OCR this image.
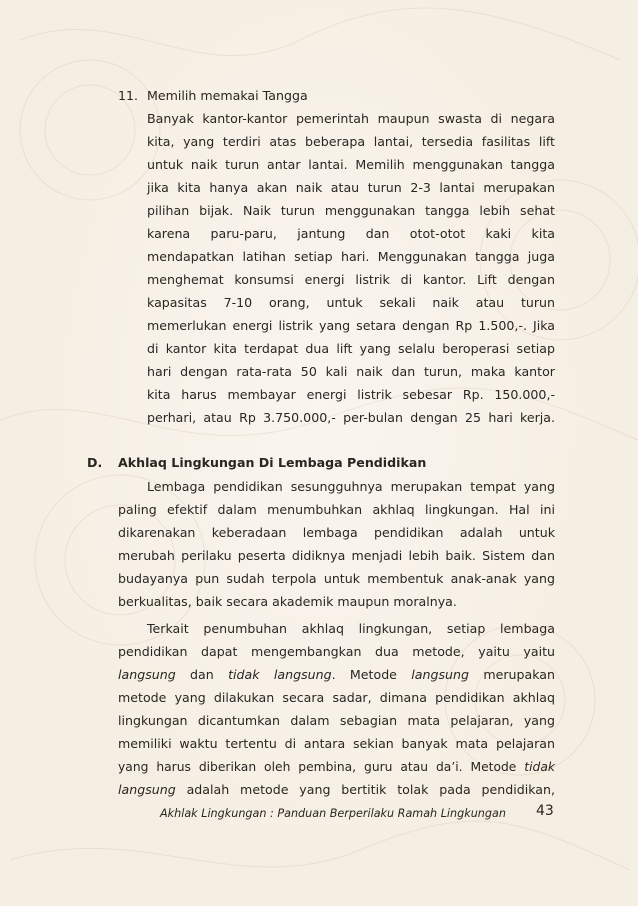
11. Memilih memakai Tangga
Banyak kantor-kantor pemerintah maupun swasta di negara
kita, yang terdiri atas beberapa lantai, tersedia fasilitas lift
untuk naik turun antar lantai. Memilih menggunakan tangga
jika kita hanya akan naik atau turun 2-3 lantai merupakan
pilihan bijak. Naik turun menggunakan tangga lebih sehat
karena paru-paru, jantung dan otot-otot kaki kita
mendapatkan latihan setiap hari. Menggunakan tangga juga
menghemat konsumsi energi listrik di kantor. Lift dengan
kapasitas 7-10 orang, untuk sekali naik atau turun
memerlukan energi listrik yang setara dengan Rp 1.500,-. Jika
di kantor kita terdapat dua lift yang selalu beroperasi setiap
hari dengan rata-rata 50 kali naik dan turun, maka kantor
kita harus membayar energi listrik sebesar Rp. 150.000,-
perhari, atau Rp 3.750.000,- per-bulan dengan 25 hari kerja.
D. Akhlaq Lingkungan Di Lembaga Pendidikan
Lembaga pendidikan sesungguhnya merupakan tempat yang
paling efektif dalam menumbuhkan akhlaq lingkungan. Hal ini
dikarenakan keberadaan lembaga pendidikan adalah untuk
merubah perilaku peserta didiknya menjadi lebih baik. Sistem dan
budayanya pun sudah terpola untuk membentuk anak-anak yang
berkualitas, baik secara akademik maupun moralnya.
Terkait penumbuhan akhlaq lingkungan, setiap lembaga
pendidikan dapat mengembangkan dua metode, yaitu yaitu
langsung dan tidak langsung. Metode langsung merupakan
metode yang dilakukan secara sadar, dimana pendidikan akhlaq
lingkungan dicantumkan dalam sebagian mata pelajaran, yang
memiliki waktu tertentu di antara sekian banyak mata pelajaran
yang harus diberikan oleh pembina, guru atau da’i. Metode tidak
langsung adalah metode yang bertitik tolak pada pendidikan,
Akhlak Lingkungan : Panduan Berperilaku Ramah Lingkungan 43
